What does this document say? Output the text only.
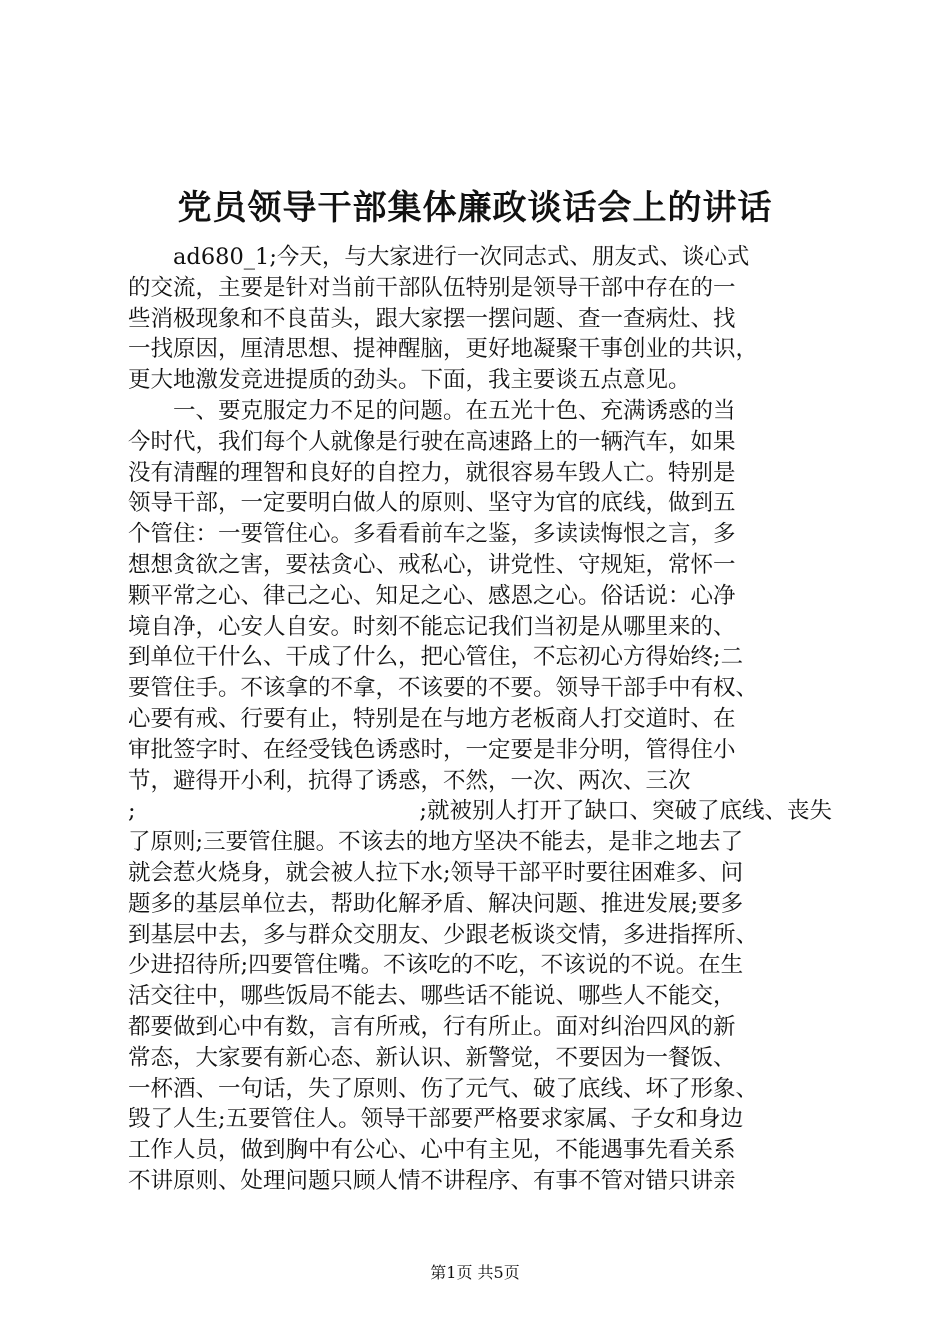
党员领导干部集体廉政谈话会上的讲话
ad680_1;今天，与大家进行一次同志式、朋友式、谈心式
的交流，主要是针对当前干部队伍特别是领导干部中存在的一
些消极现象和不良苗头，跟大家摆一摆问题、查一查病灶、找
一找原因，厘清思想、提神醒脑，更好地凝聚干事创业的共识，
更大地激发竞进提质的劲头。下面，我主要谈五点意见。
一、要克服定力不足的问题。在五光十色、充满诱惑的当
今时代，我们每个人就像是行驶在高速路上的一辆汽车，如果
没有清醒的理智和良好的自控力，就很容易车毁人亡。特别是
领导干部，一定要明白做人的原则、坚守为官的底线，做到五
个管住：一要管住心。多看看前车之鉴，多读读悔恨之言，多
想想贪欲之害，要祛贪心、戒私心，讲党性、守规矩，常怀一
颗平常之心、律己之心、知足之心、感恩之心。俗话说：心净
境自净，心安人自安。时刻不能忘记我们当初是从哪里来的、
到单位干什么、干成了什么，把心管住，不忘初心方得始终;二
要管住手。不该拿的不拿，不该要的不要。领导干部手中有权、
心要有戒、行要有止，特别是在与地方老板商人打交道时、在
审批签字时、在经受钱色诱惑时，一定要是非分明，管得住小
节，避得开小利，抗得了诱惑，不然，一次、两次、三次
;	;就被别人打开了缺口、突破了底线、丧失
了原则;三要管住腿。不该去的地方坚决不能去，是非之地去了
就会惹火烧身，就会被人拉下水;领导干部平时要往困难多、问
题多的基层单位去，帮助化解矛盾、解决问题、推进发展;要多
到基层中去，多与群众交朋友、少跟老板谈交情，多进指挥所、
少进招待所;四要管住嘴。不该吃的不吃，不该说的不说。在生
活交往中，哪些饭局不能去、哪些话不能说、哪些人不能交，
都要做到心中有数，言有所戒，行有所止。面对纠治四风的新
常态，大家要有新心态、新认识、新警觉，不要因为一餐饭、
一杯酒、一句话，失了原则、伤了元气、破了底线、坏了形象、
毁了人生;五要管住人。领导干部要严格要求家属、子女和身边
工作人员，做到胸中有公心、心中有主见，不能遇事先看关系
不讲原则、处理问题只顾人情不讲程序、有事不管对错只讲亲
第1页 共5页
